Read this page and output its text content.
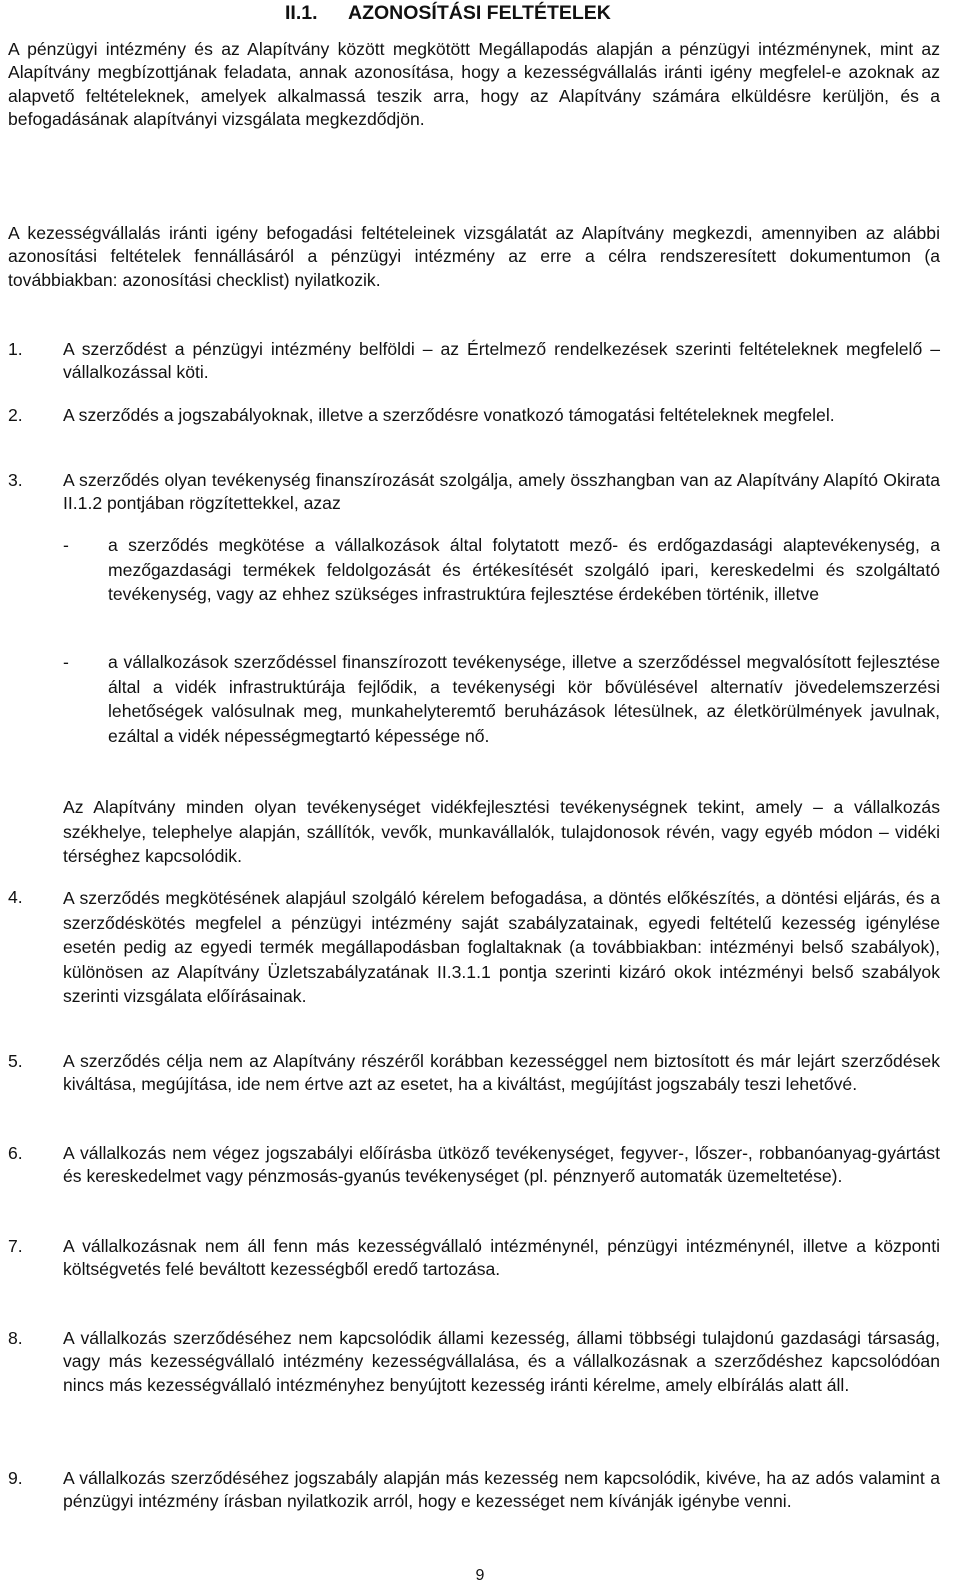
II.1. AZONOSÍTÁSI FELTÉTELEK

A pénzügyi intézmény és az Alapítvány között megkötött Megállapodás alapján a pénzügyi intézménynek, mint az Alapítvány megbízottjának feladata, annak azonosítása, hogy a kezességvállalás iránti igény megfelel-e azoknak az alapvető feltételeknek, amelyek alkalmassá teszik arra, hogy az Alapítvány számára elküldésre kerüljön, és a befogadásának alapítványi vizsgálata megkezdődjön.

A kezességvállalás iránti igény befogadási feltételeinek vizsgálatát az Alapítvány megkezdi, amennyiben az alábbi azonosítási feltételek fennállásáról a pénzügyi intézmény az erre a célra rendszeresített dokumentumon (a továbbiakban: azonosítási checklist) nyilatkozik.

1. A szerződést a pénzügyi intézmény belföldi – az Értelmező rendelkezések szerinti feltételeknek megfelelő – vállalkozással köti.

2. A szerződés a jogszabályoknak, illetve a szerződésre vonatkozó támogatási feltételeknek megfelel.

3. A szerződés olyan tevékenység finanszírozását szolgálja, amely összhangban van az Alapítvány Alapító Okirata II.1.2 pontjában rögzítettekkel, azaz

- a szerződés megkötése a vállalkozások által folytatott mező- és erdőgazdasági alaptevékenység, a mezőgazdasági termékek feldolgozását és értékesítését szolgáló ipari, kereskedelmi és szolgáltató tevékenység, vagy az ehhez szükséges infrastruktúra fejlesztése érdekében történik, illetve

- a vállalkozások szerződéssel finanszírozott tevékenysége, illetve a szerződéssel megvalósított fejlesztése által a vidék infrastruktúrája fejlődik, a tevékenységi kör bővülésével alternatív jövedelemszerzési lehetőségek valósulnak meg, munkahelyteremtő beruházások létesülnek, az életkörülmények javulnak, ezáltal a vidék népességmegtartó képessége nő.

Az Alapítvány minden olyan tevékenységet vidékfejlesztési tevékenységnek tekint, amely – a vállalkozás székhelye, telephelye alapján, szállítók, vevők, munkavállalók, tulajdonosok révén, vagy egyéb módon – vidéki térséghez kapcsolódik.

4. A szerződés megkötésének alapjául szolgáló kérelem befogadása, a döntés előkészítés, a döntési eljárás, és a szerződéskötés megfelel a pénzügyi intézmény saját szabályzatainak, egyedi feltételű kezesség igénylése esetén pedig az egyedi termék megállapodásban foglaltaknak (a továbbiakban: intézményi belső szabályok), különösen az Alapítvány Üzletszabályzatának II.3.1.1 pontja szerinti kizáró okok intézményi belső szabályok szerinti vizsgálata előírásainak.

5. A szerződés célja nem az Alapítvány részéről korábban kezességgel nem biztosított és már lejárt szerződések kiváltása, megújítása, ide nem értve azt az esetet, ha a kiváltást, megújítást jogszabály teszi lehetővé.

6. A vállalkozás nem végez jogszabályi előírásba ütköző tevékenységet, fegyver-, lőszer-, robbanóanyag-gyártást és kereskedelmet vagy pénzmosás-gyanús tevékenységet (pl. pénznyerő automaták üzemeltetése).

7. A vállalkozásnak nem áll fenn más kezességvállaló intézménynél, pénzügyi intézménynél, illetve a központi költségvetés felé beváltott kezességből eredő tartozása.

8. A vállalkozás szerződéséhez nem kapcsolódik állami kezesség, állami többségi tulajdonú gazdasági társaság, vagy más kezességvállaló intézmény kezességvállalása, és a vállalkozásnak a szerződéshez kapcsolódóan nincs más kezességvállaló intézményhez benyújtott kezesség iránti kérelme, amely elbírálás alatt áll.

9. A vállalkozás szerződéséhez jogszabály alapján más kezesség nem kapcsolódik, kivéve, ha az adós valamint a pénzügyi intézmény írásban nyilatkozik arról, hogy e kezességet nem kívánják igénybe venni.

9
